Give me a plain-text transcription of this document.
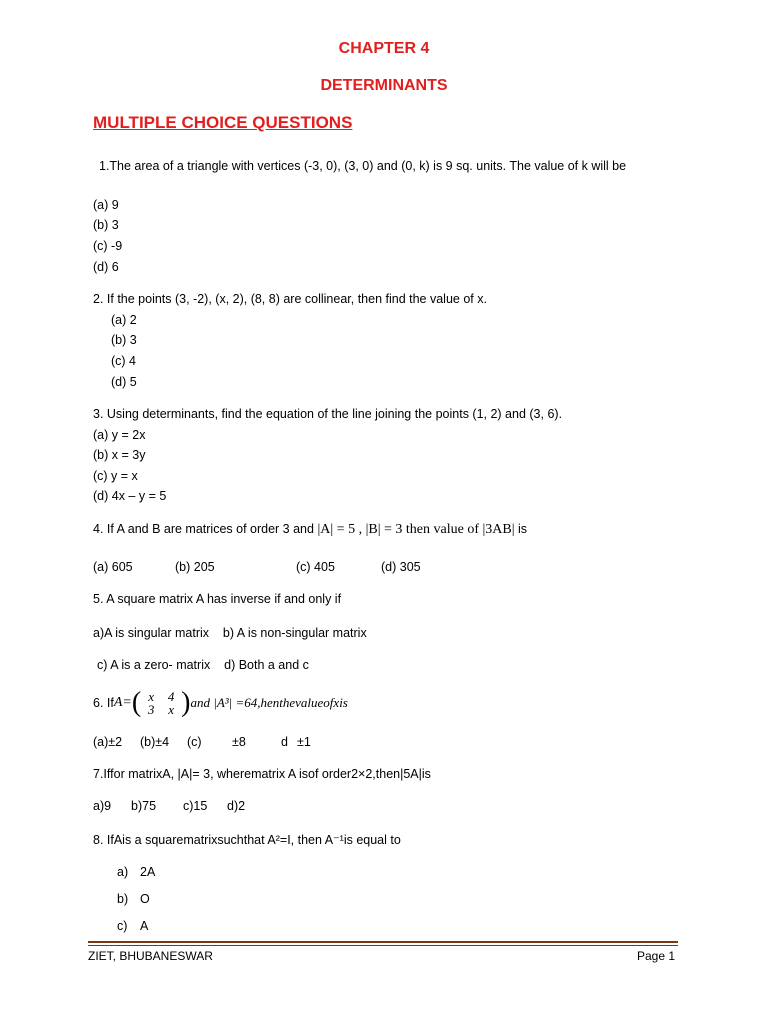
CHAPTER 4
DETERMINANTS
MULTIPLE CHOICE QUESTIONS
1.The area of a triangle with vertices (-3, 0), (3, 0) and (0, k) is 9 sq. units. The value of k will be
(a) 9
(b) 3
(c) -9
(d) 6
2. If the points (3, -2), (x, 2), (8, 8) are collinear, then find the value of x.
(a) 2
(b) 3
(c) 4
(d) 5
3. Using determinants, find the equation of the line joining the points (1, 2) and (3, 6).
(a) y = 2x
(b) x = 3y
(c) y = x
(d) 4x – y = 5
4. If A and B are matrices of order 3 and |A| = 5 , |B| = 3 then value of |3AB| is
(a) 605	(b) 205	(c) 405	(d) 305
5. A square matrix A has inverse if and only if
a)A is singular matrix    b) A is non-singular matrix
c) A is a zero- matrix    d) Both a and c
6. If A= ( x	4
3	x ) and |A³| =64,henthevalueofxis
(a)±2 (b)±4 (c) ±8	d ±1
7.Iffor matrixA, |A|= 3, wherematrix A isof order2×2,then|5A|is
a)9 b)75 c)15 d)2
8. IfAis a squarematrixsuchthat A²=I, then A⁻¹is equal to
a) 2A
b) O
c) A
ZIET, BHUBANESWAR	Page 1
